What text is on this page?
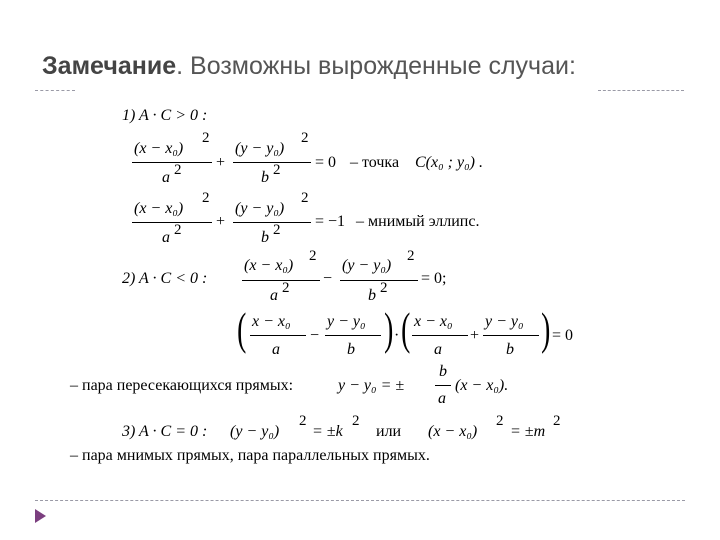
Замечание. Возможны вырожденные случаи:
1) A · C > 0 :
(x − x₀)
2
a 2 +
(y − y₀)
2
b 2 = 0 – точка C(x₀ ; y₀) .
(x − x₀)
2
a 2 +
(y − y₀)
2
b 2 = −1 – мнимый эллипс.
2) A · C < 0 :
(x − x₀)
2
a 2
−
(y − y₀)
2
b 2
= 0;
( x − x₀
a
−
y − y₀
b ) · ( x − x₀
a
+
y − y₀
b ) = 0
– пара пересекающихся прямых:	y − y₀ = ±
b
a
(x − x₀).
3) A · C = 0 : (y − y₀)
2
= ±k
2
или (x − x₀)
2
= ±m
2
– пара мнимых прямых, пара параллельных прямых.
